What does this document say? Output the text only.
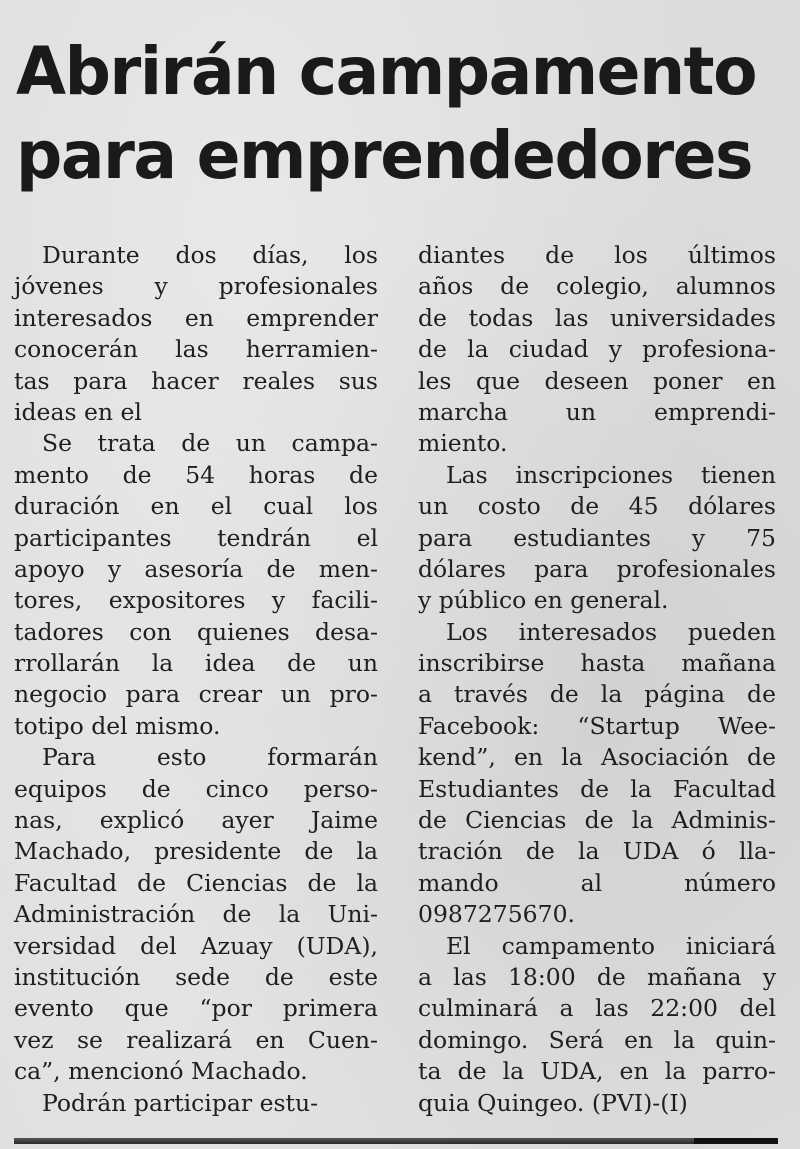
Abrirán campamento
para emprendedores
Durante dos días, los
jóvenes y profesionales
interesados en emprender
conocerán las herramien-
tas para hacer reales sus
ideas en el
Se trata de un campa-
mento de 54 horas de
duración en el cual los
participantes tendrán el
apoyo y asesoría de men-
tores, expositores y facili-
tadores con quienes desa-
rrollarán la idea de un
negocio para crear un pro-
totipo del mismo.
Para esto formarán
equipos de cinco perso-
nas, explicó ayer Jaime
Machado, presidente de la
Facultad de Ciencias de la
Administración de la Uni-
versidad del Azuay (UDA),
institución sede de este
evento que “por primera
vez se realizará en Cuen-
ca”, mencionó Machado.
Podrán participar estu-
diantes de los últimos
años de colegio, alumnos
de todas las universidades
de la ciudad y profesiona-
les que deseen poner en
marcha un emprendi-
miento.
Las inscripciones tienen
un costo de 45 dólares
para estudiantes y 75
dólares para profesionales
y público en general.
Los interesados pueden
inscribirse hasta mañana
a través de la página de
Facebook: “Startup Wee-
kend”, en la Asociación de
Estudiantes de la Facultad
de Ciencias de la Adminis-
tración de la UDA ó lla-
mando al número
0987275670.
El campamento iniciará
a las 18:00 de mañana y
culminará a las 22:00 del
domingo. Será en la quin-
ta de la UDA, en la parro-
quia Quingeo. (PVI)-(I)
